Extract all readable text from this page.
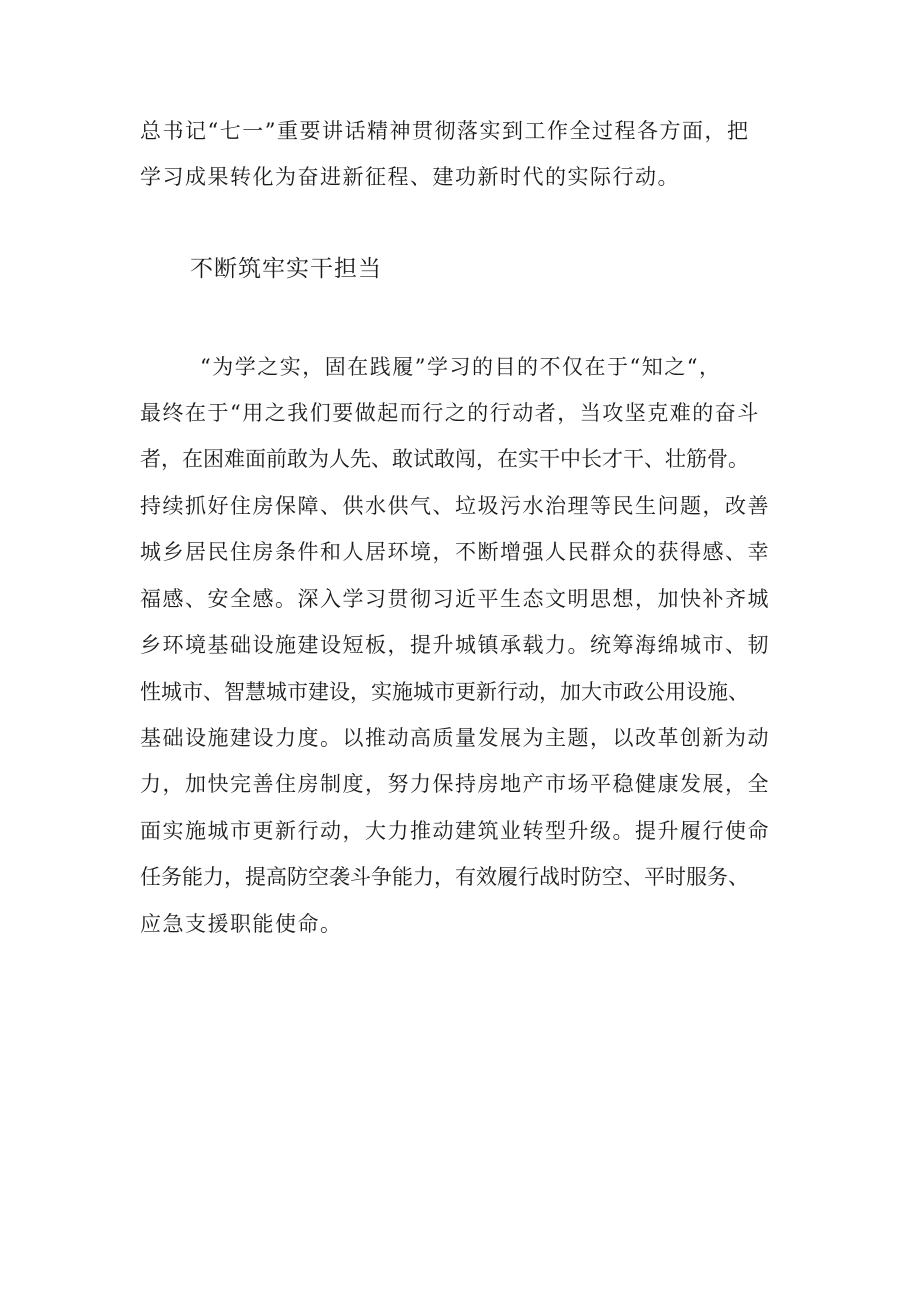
总书记“七一”重要讲话精神贯彻落实到工作全过程各方面，把
学习成果转化为奋进新征程、建功新时代的实际行动。
不断筑牢实干担当
“为学之实，固在践履”学习的目的不仅在于“知之“，
最终在于“用之我们要做起而行之的行动者，当攻坚克难的奋斗
者，在困难面前敢为人先、敢试敢闯，在实干中长才干、壮筋骨。
持续抓好住房保障、供水供气、垃圾污水治理等民生问题，改善
城乡居民住房条件和人居环境，不断增强人民群众的获得感、幸
福感、安全感。深入学习贯彻习近平生态文明思想，加快补齐城
乡环境基础设施建设短板，提升城镇承载力。统筹海绵城市、韧
性城市、智慧城市建设，实施城市更新行动，加大市政公用设施、
基础设施建设力度。以推动高质量发展为主题，以改革创新为动
力，加快完善住房制度，努力保持房地产市场平稳健康发展，全
面实施城市更新行动，大力推动建筑业转型升级。提升履行使命
任务能力，提高防空袭斗争能力，有效履行战时防空、平时服务、
应急支援职能使命。
